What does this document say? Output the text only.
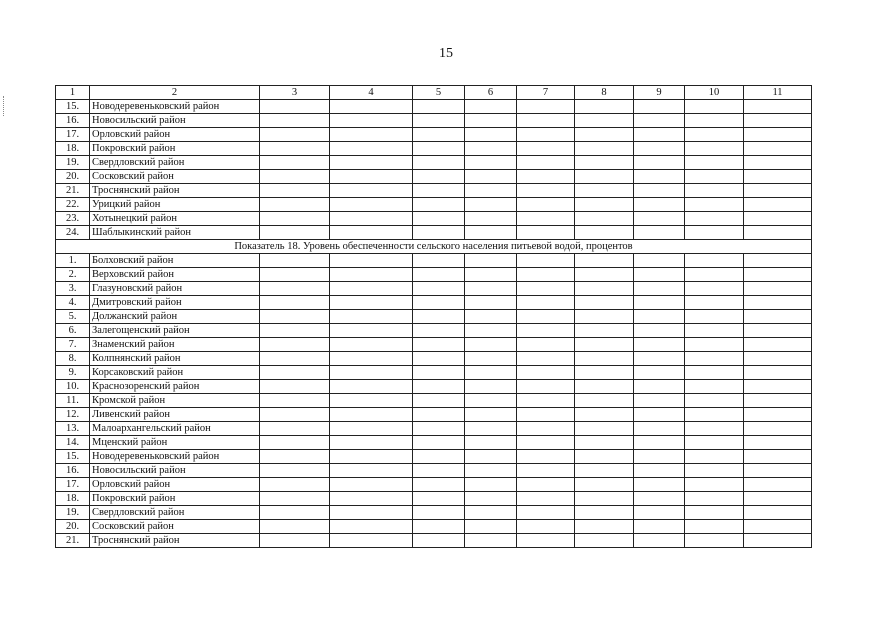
15
1	2	3	4	5	6	7	8	9	10	11
15.	Новодеревеньковский район									
16.	Новосильский район									
17.	Орловский район									
18.	Покровский район									
19.	Свердловский район									
20.	Сосковский район									
21.	Троснянский район									
22.	Урицкий район									
23.	Хотынецкий район									
24.	Шаблыкинский район									
Показатель 18. Уровень обеспеченности сельского населения питьевой водой, процентов										
1.	Болховский район									
2.	Верховский район									
3.	Глазуновский район									
4.	Дмитровский район									
5.	Должанский район									
6.	Залегощенский район									
7.	Знаменский район									
8.	Колпнянский район									
9.	Корсаковский район									
10.	Краснозоренский район									
11.	Кромской район									
12.	Ливенский район									
13.	Малоархангельский район									
14.	Мценский район									
15.	Новодеревеньковский район									
16.	Новосильский район									
17.	Орловский район									
18.	Покровский район									
19.	Свердловский район									
20.	Сосковский район									
21.	Троснянский район									
